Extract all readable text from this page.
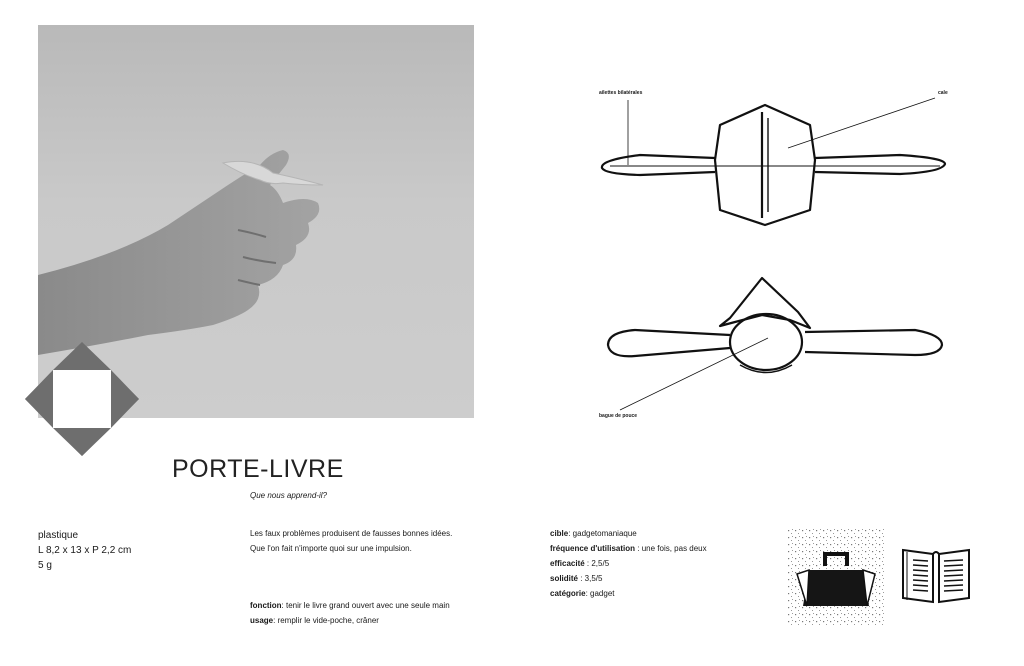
ailettes bilatérales	cale
bague de pouce
PORTE-LIVRE
Que nous apprend-il?
plastique
L 8,2 x 13 x P 2,2 cm
5 g
Les faux problèmes produisent de fausses bonnes idées.
Que l'on fait n'importe quoi sur une impulsion.
fonction: tenir le livre grand ouvert avec une seule main
usage: remplir le vide-poche, crâner
cible: gadgetomaniaque
fréquence d'utilisation : une fois, pas deux
efficacité : 2,5/5
solidité : 3,5/5
catégorie: gadget
